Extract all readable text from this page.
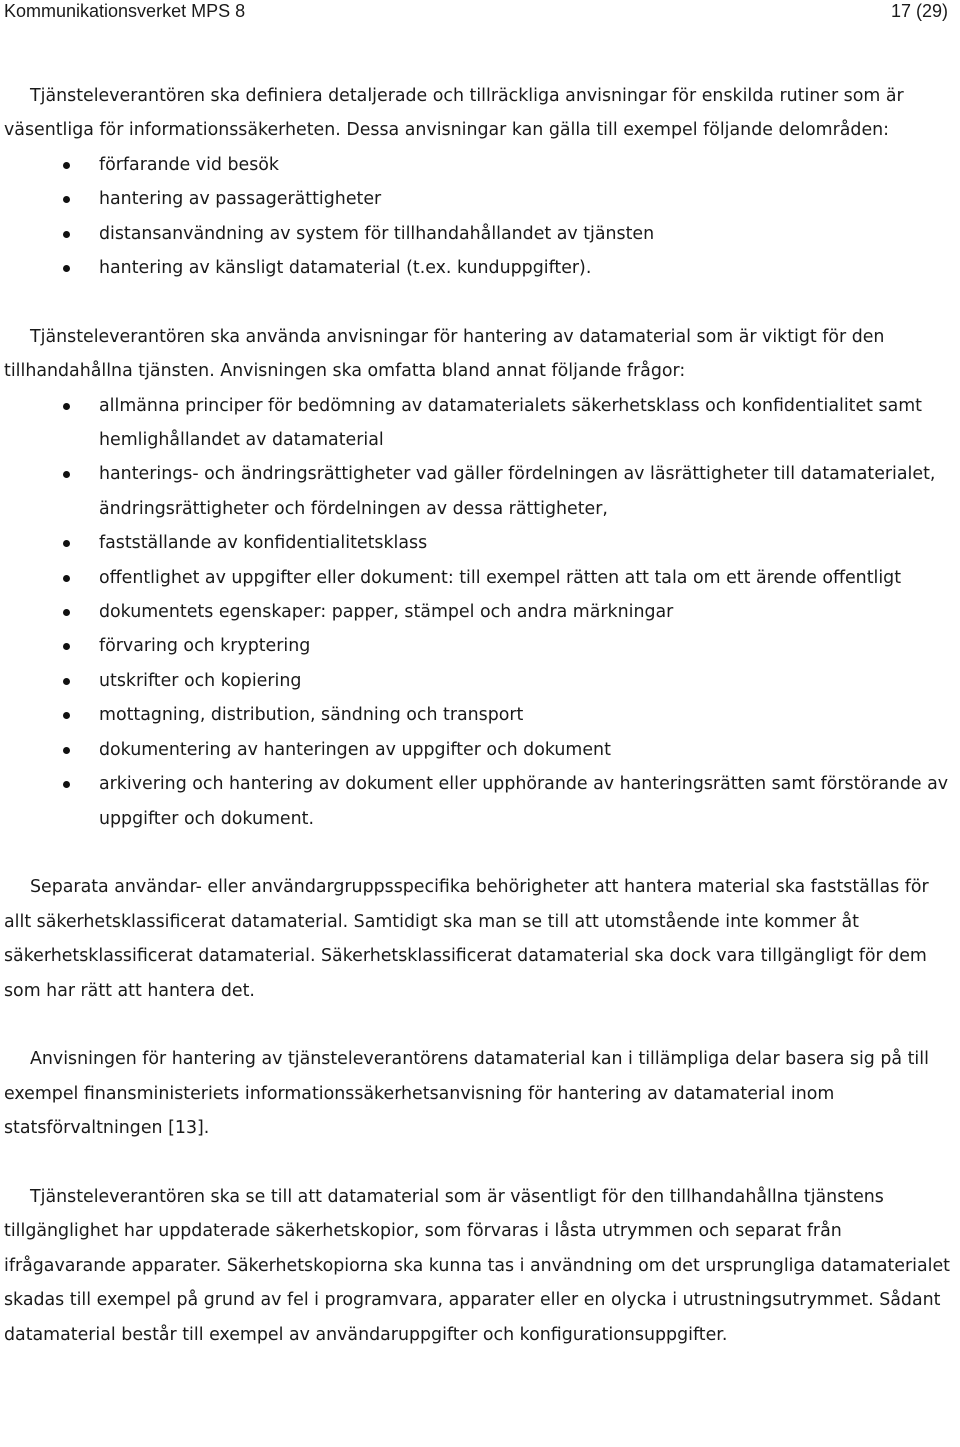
Kommunikationsverket MPS 8	17 (29)

Tjänsteleverantören ska definiera detaljerade och tillräckliga anvisningar för enskilda rutiner som är väsentliga för informationssäkerheten. Dessa anvisningar kan gälla till exempel följande delområden:

förfarande vid besök
hantering av passagerättigheter
distansanvändning av system för tillhandahållandet av tjänsten
hantering av känsligt datamaterial (t.ex. kunduppgifter).

Tjänsteleverantören ska använda anvisningar för hantering av datamaterial som är viktigt för den tillhandahållna tjänsten. Anvisningen ska omfatta bland annat följande frågor:

allmänna principer för bedömning av datamaterialets säkerhetsklass och konfidentialitet samt hemlighållandet av datamaterial
hanterings- och ändringsrättigheter vad gäller fördelningen av läsrättigheter till datamaterialet, ändringsrättigheter och fördelningen av dessa rättigheter,
fastställande av konfidentialitetsklass
offentlighet av uppgifter eller dokument: till exempel rätten att tala om ett ärende offentligt
dokumentets egenskaper: papper, stämpel och andra märkningar
förvaring och kryptering
utskrifter och kopiering
mottagning, distribution, sändning och transport
dokumentering av hanteringen av uppgifter och dokument
arkivering och hantering av dokument eller upphörande av hanteringsrätten samt förstörande av uppgifter och dokument.

Separata användar- eller användargruppsspecifika behörigheter att hantera material ska fastställas för allt säkerhetsklassificerat datamaterial. Samtidigt ska man se till att utomstående inte kommer åt säkerhetsklassificerat datamaterial. Säkerhetsklassificerat datamaterial ska dock vara tillgängligt för dem som har rätt att hantera det.

Anvisningen för hantering av tjänsteleverantörens datamaterial kan i tillämpliga delar basera sig på till exempel finansministeriets informationssäkerhetsanvisning för hantering av datamaterial inom statsförvaltningen [13].

Tjänsteleverantören ska se till att datamaterial som är väsentligt för den tillhandahållna tjänstens tillgänglighet har uppdaterade säkerhetskopior, som förvaras i låsta utrymmen och separat från ifrågavarande apparater. Säkerhetskopiorna ska kunna tas i användning om det ursprungliga datamaterialet skadas till exempel på grund av fel i programvara, apparater eller en olycka i utrustningsutrymmet. Sådant datamaterial består till exempel av användaruppgifter och konfigurationsuppgifter.
